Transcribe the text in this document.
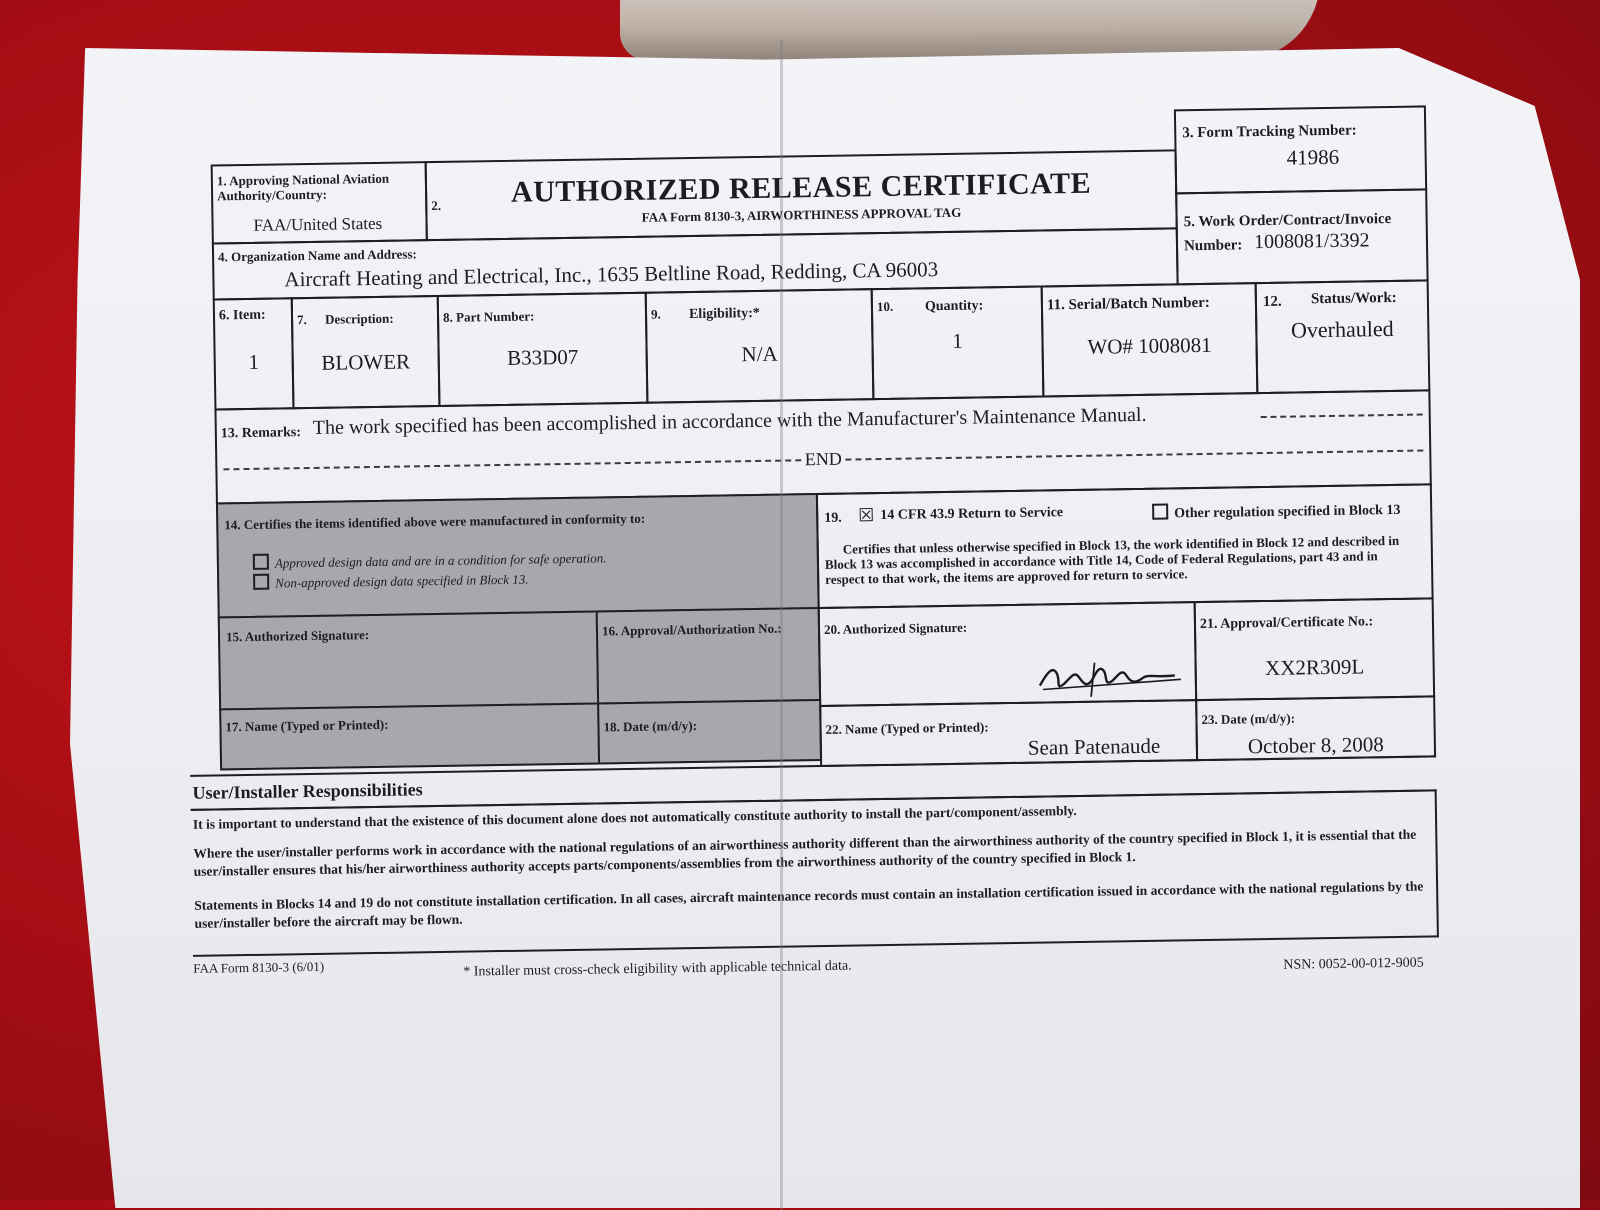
1. Approving National Aviation Authority/Country:
FAA/United States
2.	AUTHORIZED RELEASE CERTIFICATE
FAA Form 8130-3, AIRWORTHINESS APPROVAL TAG
3. Form Tracking Number:
41986
4. Organization Name and Address:
Aircraft Heating and Electrical, Inc., 1635 Beltline Road, Redding, CA 96003
5. Work Order/Contract/Invoice
Number: 1008081/3392
6. Item:
1
7. Description:
BLOWER
8. Part Number:
B33D07
9. Eligibility:*
N/A
10. Quantity:
1
11. Serial/Batch Number:
WO# 1008081
12. Status/Work:
Overhauled
13. Remarks: The work specified has been accomplished in accordance with the Manufacturer's Maintenance Manual.
END
14. Certifies the items identified above were manufactured in conformity to:
Approved design data and are in a condition for safe operation.
Non-approved design data specified in Block 13.
19. ☒ 14 CFR 43.9 Return to Service	Other regulation specified in Block 13
Certifies that unless otherwise specified in Block 13, the work identified in Block 12 and described in Block 13 was accomplished in accordance with Title 14, Code of Federal Regulations, part 43 and in respect to that work, the items are approved for return to service.
15. Authorized Signature:	16. Approval/Authorization No.:	20. Authorized Signature:	21. Approval/Certificate No.:
XX2R309L
17. Name (Typed or Printed):	18. Date (m/d/y):	22. Name (Typed or Printed):
Sean Patenaude
23. Date (m/d/y):
October 8, 2008
User/Installer Responsibilities
It is important to understand that the existence of this document alone does not automatically constitute authority to install the part/component/assembly.
Where the user/installer performs work in accordance with the national regulations of an airworthiness authority different than the airworthiness authority of the country specified in Block 1, it is essential that the user/installer ensures that his/her airworthiness authority accepts parts/components/assemblies from the airworthiness authority of the country specified in Block 1.
Statements in Blocks 14 and 19 do not constitute installation certification. In all cases, aircraft maintenance records must contain an installation certification issued in accordance with the national regulations by the user/installer before the aircraft may be flown.
FAA Form 8130-3 (6/01)	* Installer must cross-check eligibility with applicable technical data.	NSN: 0052-00-012-9005
